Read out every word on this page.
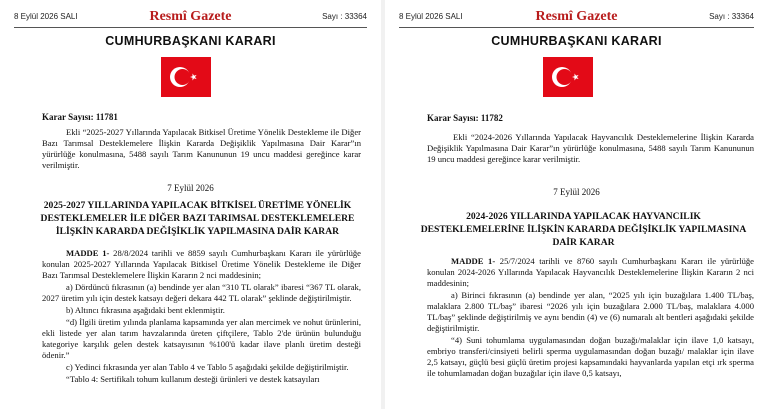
8 Eylül 2026 SALI	Resmî Gazete	Sayı : 33364
CUMHURBAŞKANI KARARI
Karar Sayısı: 11781
Ekli “2025-2027 Yıllarında Yapılacak Bitkisel Üretime Yönelik Destekleme ile Diğer Bazı Tarımsal Desteklemelere İlişkin Kararda Değişiklik Yapılmasına Dair Karar”ın yürürlüğe konulmasına, 5488 sayılı Tarım Kanununun 19 uncu maddesi gereğince karar verilmiştir.
7 Eylül 2026
2025-2027 YILLARINDA YAPILACAK BİTKİSEL ÜRETİME YÖNELİK DESTEKLEMELER İLE DİĞER BAZI TARIMSAL DESTEKLEMELERE İLİŞKİN KARARDA DEĞİŞİKLİK YAPILMASINA DAİR KARAR

MADDE 1- 28/8/2024 tarihli ve 8859 sayılı Cumhurbaşkanı Kararı ile yürürlüğe konulan 2025-2027 Yıllarında Yapılacak Bitkisel Üretime Yönelik Destekleme ile Diğer Bazı Tarımsal Desteklemelere İlişkin Kararın 2 nci maddesinin;

a) Dördüncü fıkrasının (a) bendinde yer alan “310 TL olarak” ibaresi “367 TL olarak, 2027 üretim yılı için destek katsayı değeri dekara 442 TL olarak” şeklinde değiştirilmiştir.

b) Altıncı fıkrasına aşağıdaki bent eklenmiştir.

“d) İlgili üretim yılında planlama kapsamında yer alan mercimek ve nohut ürünlerini, ekli listede yer alan tarım havzalarında üreten çiftçilere, Tablo 2'de ürünün bulunduğu kategoriye karşılık gelen destek katsayısının %100'ü kadar ilave planlı üretim desteği ödenir.”

c) Yedinci fıkrasında yer alan Tablo 4 ve Tablo 5 aşağıdaki şekilde değiştirilmiştir.

“Tablo 4: Sertifikalı tohum kullanım desteği ürünleri ve destek katsayıları

8 Eylül 2026 SALI	Resmî Gazete	Sayı : 33364
CUMHURBAŞKANI KARARI
Karar Sayısı: 11782
Ekli “2024-2026 Yıllarında Yapılacak Hayvancılık Desteklemelerine İlişkin Kararda Değişiklik Yapılmasına Dair Karar”ın yürürlüğe konulmasına, 5488 sayılı Tarım Kanununun 19 uncu maddesi gereğince karar verilmiştir.
7 Eylül 2026
2024-2026 YILLARINDA YAPILACAK HAYVANCILIK DESTEKLEMELERİNE İLİŞKİN KARARDA DEĞİŞİKLİK YAPILMASINA DAİR KARAR

MADDE 1- 25/7/2024 tarihli ve 8760 sayılı Cumhurbaşkanı Kararı ile yürürlüğe konulan 2024-2026 Yıllarında Yapılacak Hayvancılık Desteklemelerine İlişkin Kararın 2 nci maddesinin;

a) Birinci fıkrasının (a) bendinde yer alan, “2025 yılı için buzağılara 1.400 TL/baş, malaklara 2.800 TL/baş” ibaresi “2026 yılı için buzağılara 2.000 TL/baş, malaklara 4.000 TL/baş” şeklinde değiştirilmiş ve aynı bendin (4) ve (6) numaralı alt bentleri aşağıdaki şekilde değiştirilmiştir.

“4) Suni tohumlama uygulamasından doğan buzağı/malaklar için ilave 1,0 katsayı, embriyo transferi/cinsiyeti belirli sperma uygulamasından doğan buzağı/ malaklar için ilave 2,5 katsayı, güçlü besi güçlü üretim projesi kapsamındaki hayvanlarda yapılan etçi ırk sperma ile tohumlamadan doğan buzağılar için ilave 0,5 katsayı,
